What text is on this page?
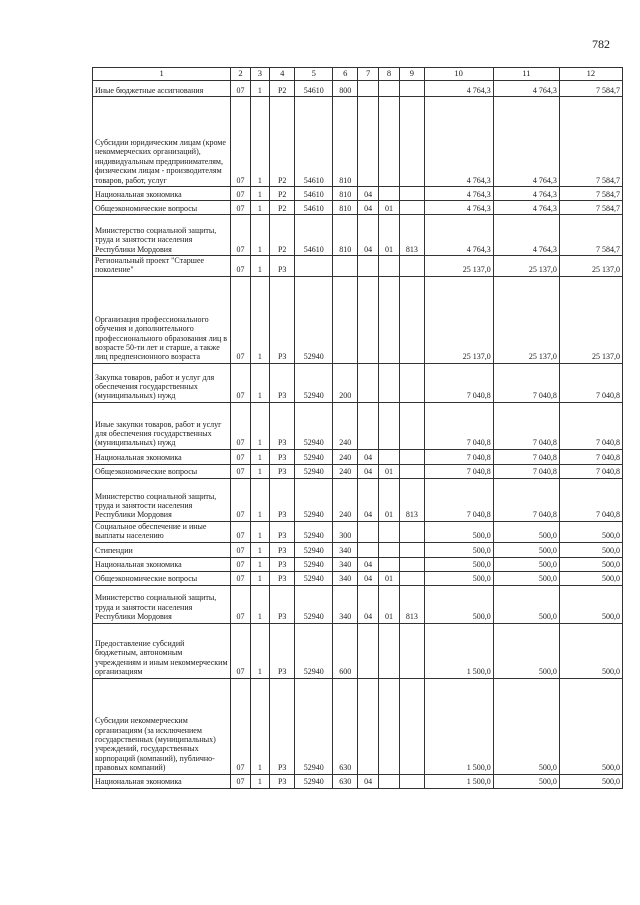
782
1	2	3	4	5	6	7	8	9	10	11	12
Иные бюджетные ассигнования	07	1	P2	54610	800				4 764,3	4 764,3	7 584,7
Субсидии юридическим лицам (кроме некоммерческих организаций), индивидуальным предпринимателям, физическим лицам - производителям товаров, работ, услуг	07	1	P2	54610	810				4 764,3	4 764,3	7 584,7
Национальная экономика	07	1	P2	54610	810	04			4 764,3	4 764,3	7 584,7
Общеэкономические вопросы	07	1	P2	54610	810	04	01		4 764,3	4 764,3	7 584,7
Министерство социальной защиты, труда и занятости населения Республики Мордовия	07	1	P2	54610	810	04	01	813	4 764,3	4 764,3	7 584,7
Региональный проект "Старшее поколение"	07	1	P3						25 137,0	25 137,0	25 137,0
Организация профессионального обучения и дополнительного профессионального образования лиц в возрасте 50-ти лет и старше, а также лиц предпенсионного возраста	07	1	P3	52940					25 137,0	25 137,0	25 137,0
Закупка товаров, работ и услуг для обеспечения государственных (муниципальных) нужд	07	1	P3	52940	200				7 040,8	7 040,8	7 040,8
Иные закупки товаров, работ и услуг для обеспечения государственных (муниципальных) нужд	07	1	P3	52940	240				7 040,8	7 040,8	7 040,8
Национальная экономика	07	1	P3	52940	240	04			7 040,8	7 040,8	7 040,8
Общеэкономические вопросы	07	1	P3	52940	240	04	01		7 040,8	7 040,8	7 040,8
Министерство социальной защиты, труда и занятости населения Республики Мордовия	07	1	P3	52940	240	04	01	813	7 040,8	7 040,8	7 040,8
Социальное обеспечение и иные выплаты населению	07	1	P3	52940	300				500,0	500,0	500,0
Стипендии	07	1	P3	52940	340				500,0	500,0	500,0
Национальная экономика	07	1	P3	52940	340	04			500,0	500,0	500,0
Общеэкономические вопросы	07	1	P3	52940	340	04	01		500,0	500,0	500,0
Министерство социальной защиты, труда и занятости населения Республики Мордовия	07	1	P3	52940	340	04	01	813	500,0	500,0	500,0
Предоставление субсидий бюджетным, автономным учреждениям и иным некоммерческим организациям	07	1	P3	52940	600				1 500,0	500,0	500,0
Субсидии некоммерческим организациям (за исключением государственных (муниципальных) учреждений, государственных корпораций (компаний), публично-правовых компаний)	07	1	P3	52940	630				1 500,0	500,0	500,0
Национальная экономика	07	1	P3	52940	630	04			1 500,0	500,0	500,0
